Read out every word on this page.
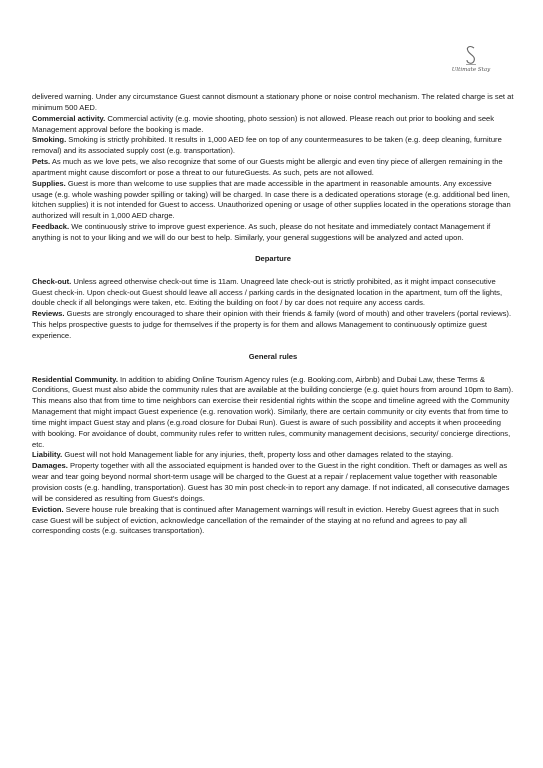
Ultimate Stay

delivered warning. Under any circumstance Guest cannot dismount a stationary phone or noise control mechanism. The related charge is set at minimum 500 AED.

Commercial activity. Commercial activity (e.g. movie shooting, photo session) is not allowed. Please reach out prior to booking and seek Management approval before the booking is made.

Smoking. Smoking is strictly prohibited. It results in 1,000 AED fee on top of any countermeasures to be taken (e.g. deep cleaning, furniture removal) and its associated supply cost (e.g. transportation).

Pets. As much as we love pets, we also recognize that some of our Guests might be allergic and even tiny piece of allergen remaining in the apartment might cause discomfort or pose a threat to our futureGuests. As such, pets are not allowed.

Supplies. Guest is more than welcome to use supplies that are made accessible in the apartment in reasonable amounts. Any excessive usage (e.g. whole washing powder spilling or taking) will be charged. In case there is a dedicated operations storage (e.g. additional bed linen, kitchen supplies) it is not intended for Guest to access. Unauthorized opening or usage of other supplies located in the operations storage than authorized will result in 1,000 AED charge.

Feedback. We continuously strive to improve guest experience. As such, please do not hesitate and immediately contact Management if anything is not to your liking and we will do our best to help. Similarly, your general suggestions will be analyzed and acted upon.

Departure

Check-out. Unless agreed otherwise check-out time is 11am. Unagreed late check-out is strictly prohibited, as it might impact consecutive Guest check-in. Upon check-out Guest should leave all access / parking cards in the designated location in the apartment, turn off the lights, double check if all belongings were taken, etc. Exiting the building on foot / by car does not require any access cards.

Reviews. Guests are strongly encouraged to share their opinion with their friends & family (word of mouth) and other travelers (portal reviews). This helps prospective guests to judge for themselves if the property is for them and allows Management to continuously optimize guest experience.

General rules

Residential Community. In addition to abiding Online Tourism Agency rules (e.g. Booking.com, Airbnb) and Dubai Law, these Terms & Conditions, Guest must also abide the community rules that are available at the building concierge (e.g. quiet hours from around 10pm to 8am). This means also that from time to time neighbors can exercise their residential rights within the scope and timeline agreed with the Community Management that might impact Guest experience (e.g. renovation work). Similarly, there are certain community or city events that from time to time might impact Guest stay and plans (e.g.road closure for Dubai Run). Guest is aware of such possibility and accepts it when proceeding with booking. For avoidance of doubt, community rules refer to written rules, community management decisions, security/ concierge directions, etc.

Liability. Guest will not hold Management liable for any injuries, theft, property loss and other damages related to the staying.

Damages. Property together with all the associated equipment is handed over to the Guest in the right condition. Theft or damages as well as wear and tear going beyond normal short-term usage will be charged to the Guest at a repair / replacement value together with reasonable provision costs (e.g. handling, transportation). Guest has 30 min post check-in to report any damage. If not indicated, all consecutive damages will be considered as resulting from Guest's doings.

Eviction. Severe house rule breaking that is continued after Management warnings will result in eviction. Hereby Guest agrees that in such case Guest will be subject of eviction, acknowledge cancellation of the remainder of the staying at no refund and agrees to pay all corresponding costs (e.g. suitcases transportation).
